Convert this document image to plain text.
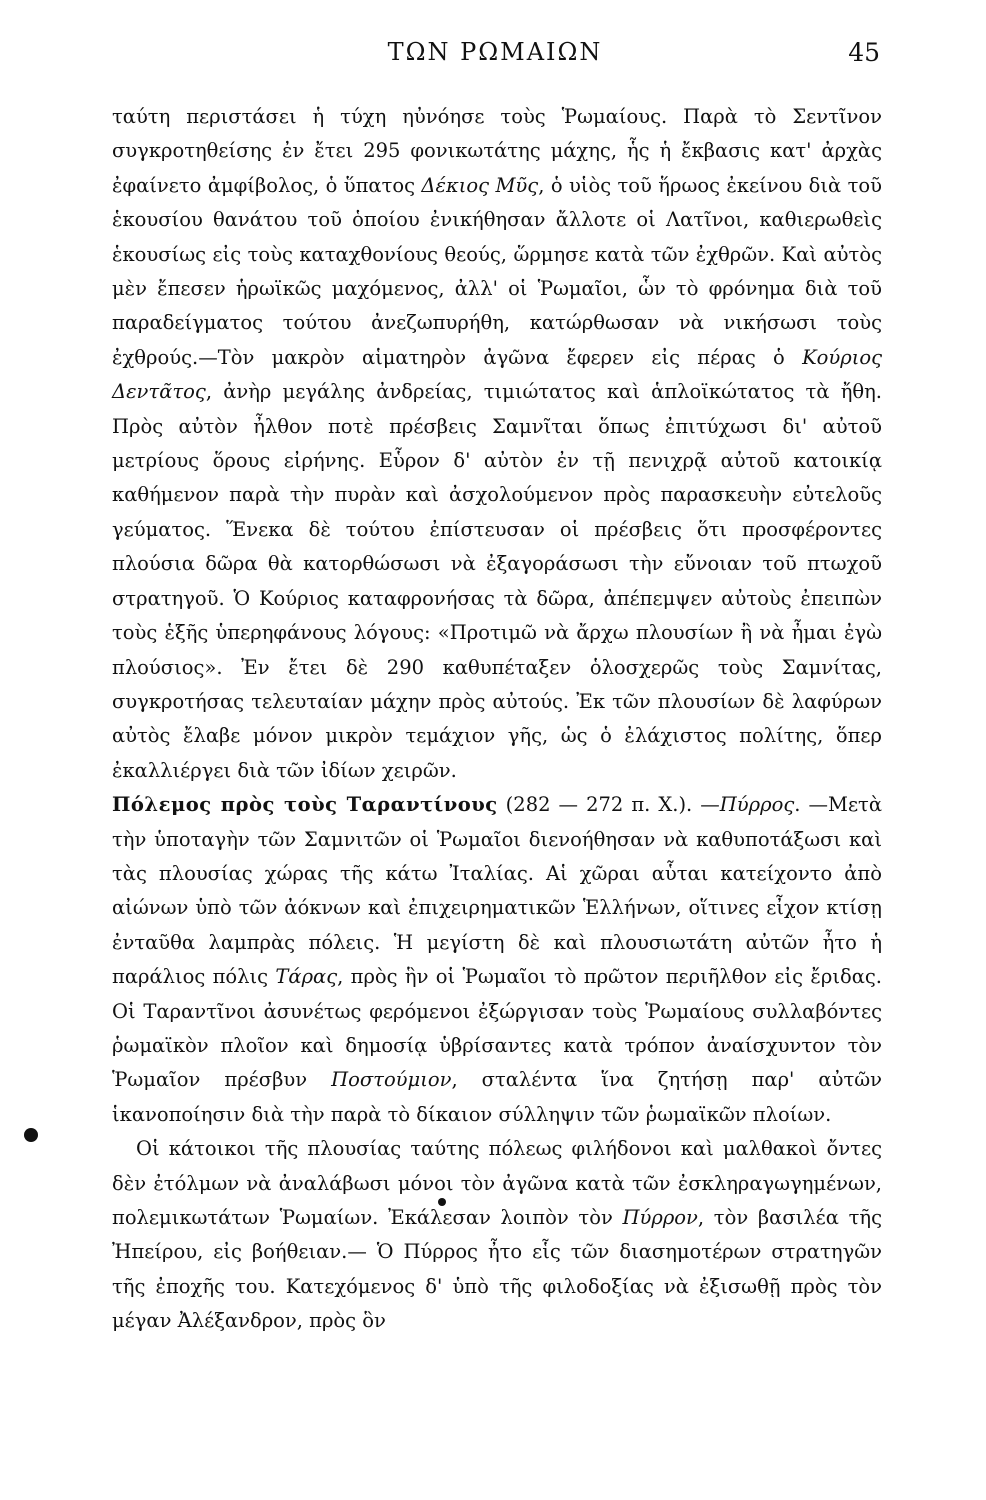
ΤΩΝ ΡΩΜΑΙΩΝ	45

ταύτη περιστάσει ἡ τύχη ηὐνόησε τοὺς Ῥωμαίους. Παρὰ τὸ Σεντῖνον συγκροτηθείσης ἐν ἔτει 295 φονικωτάτης μάχης, ἧς ἡ ἔκβασις κατ' ἀρχὰς ἐφαίνετο ἀμφίβολος, ὁ ὕπατος Δέκιος Μῦς, ὁ υἱὸς τοῦ ἥρωος ἐκείνου διὰ τοῦ ἑκουσίου θανάτου τοῦ ὁποίου ἐνικήθησαν ἄλλοτε οἱ Λατῖνοι, καθιερωθεὶς ἑκουσίως εἰς τοὺς καταχθονίους θεούς, ὥρμησε κατὰ τῶν ἐχθρῶν. Καὶ αὐτὸς μὲν ἔπεσεν ἡρωϊκῶς μαχόμενος, ἀλλ' οἱ Ῥωμαῖοι, ὧν τὸ φρόνημα διὰ τοῦ παραδείγματος τούτου ἀνεζωπυρήθη, κατώρθωσαν νὰ νικήσωσι τοὺς ἐχθρούς.—Τὸν μακρὸν αἱματηρὸν ἀγῶνα ἔφερεν εἰς πέρας ὁ Κούριος Δεντᾶτος, ἀνὴρ μεγάλης ἀνδρείας, τιμιώτατος καὶ ἁπλοϊκώτατος τὰ ἤθη. Πρὸς αὐτὸν ἦλθον ποτὲ πρέσβεις Σαμνῖται ὅπως ἐπιτύχωσι δι' αὐτοῦ μετρίους ὅρους εἰρήνης. Εὗρον δ' αὐτὸν ἐν τῇ πενιχρᾷ αὐτοῦ κατοικίᾳ καθήμενον παρὰ τὴν πυρὰν καὶ ἀσχολούμενον πρὸς παρασκευὴν εὐτελοῦς γεύματος. Ἕνεκα δὲ τούτου ἐπίστευσαν οἱ πρέσβεις ὅτι προσφέροντες πλούσια δῶρα θὰ κατορθώσωσι νὰ ἐξαγοράσωσι τὴν εὔνοιαν τοῦ πτωχοῦ στρατηγοῦ. Ὁ Κούριος καταφρονήσας τὰ δῶρα, ἀπέπεμψεν αὐτοὺς ἐπειπὼν τοὺς ἑξῆς ὑπερηφάνους λόγους: «Προτιμῶ νὰ ἄρχω πλουσίων ἢ νὰ ἦμαι ἐγὼ πλούσιος». Ἐν ἔτει δὲ 290 καθυπέταξεν ὁλοσχερῶς τοὺς Σαμνίτας, συγκροτήσας τελευταίαν μάχην πρὸς αὐτούς. Ἐκ τῶν πλουσίων δὲ λαφύρων αὐτὸς ἔλαβε μόνον μικρὸν τεμάχιον γῆς, ὡς ὁ ἐλάχιστος πολίτης, ὅπερ ἐκαλλιέργει διὰ τῶν ἰδίων χειρῶν.

Πόλεμος πρὸς τοὺς Ταραντίνους (282 — 272 π. Χ.). —Πύρρος. —Μετὰ τὴν ὑποταγὴν τῶν Σαμνιτῶν οἱ Ῥωμαῖοι διενοήθησαν νὰ καθυποτάξωσι καὶ τὰς πλουσίας χώρας τῆς κάτω Ἰταλίας. Αἱ χῶραι αὗται κατείχοντο ἀπὸ αἰώνων ὑπὸ τῶν ἀόκνων καὶ ἐπιχειρηματικῶν Ἑλλήνων, οἵτινες εἶχον κτίσῃ ἐνταῦθα λαμπρὰς πόλεις. Ἡ μεγίστη δὲ καὶ πλουσιωτάτη αὐτῶν ἦτο ἡ παράλιος πόλις Τάρας, πρὸς ἣν οἱ Ῥωμαῖοι τὸ πρῶτον περιῆλθον εἰς ἔριδας. Οἱ Ταραντῖνοι ἀσυνέτως φερόμενοι ἐξώργισαν τοὺς Ῥωμαίους συλλαβόντες ῥωμαϊκὸν πλοῖον καὶ δημοσίᾳ ὑβρίσαντες κατὰ τρόπον ἀναίσχυντον τὸν Ῥωμαῖον πρέσβυν Ποστούμιον, σταλέντα ἵνα ζητήσῃ παρ' αὐτῶν ἱκανοποίησιν διὰ τὴν παρὰ τὸ δίκαιον σύλληψιν τῶν ῥωμαϊκῶν πλοίων.

Οἱ κάτοικοι τῆς πλουσίας ταύτης πόλεως φιλήδονοι καὶ μαλθακοὶ ὄντες δὲν ἐτόλμων νὰ ἀναλάβωσι μόνοι τὸν ἀγῶνα κατὰ τῶν ἐσκληραγωγημένων, πολεμικωτάτων Ῥωμαίων. Ἐκάλεσαν λοιπὸν τὸν Πύρρον, τὸν βασιλέα τῆς Ἠπείρου, εἰς βοήθειαν.— Ὁ Πύρρος ἦτο εἷς τῶν διασημοτέρων στρατηγῶν τῆς ἐποχῆς του. Κατεχόμενος δ' ὑπὸ τῆς φιλοδοξίας νὰ ἐξισωθῇ πρὸς τὸν μέγαν Ἀλέξανδρον, πρὸς ὃν
